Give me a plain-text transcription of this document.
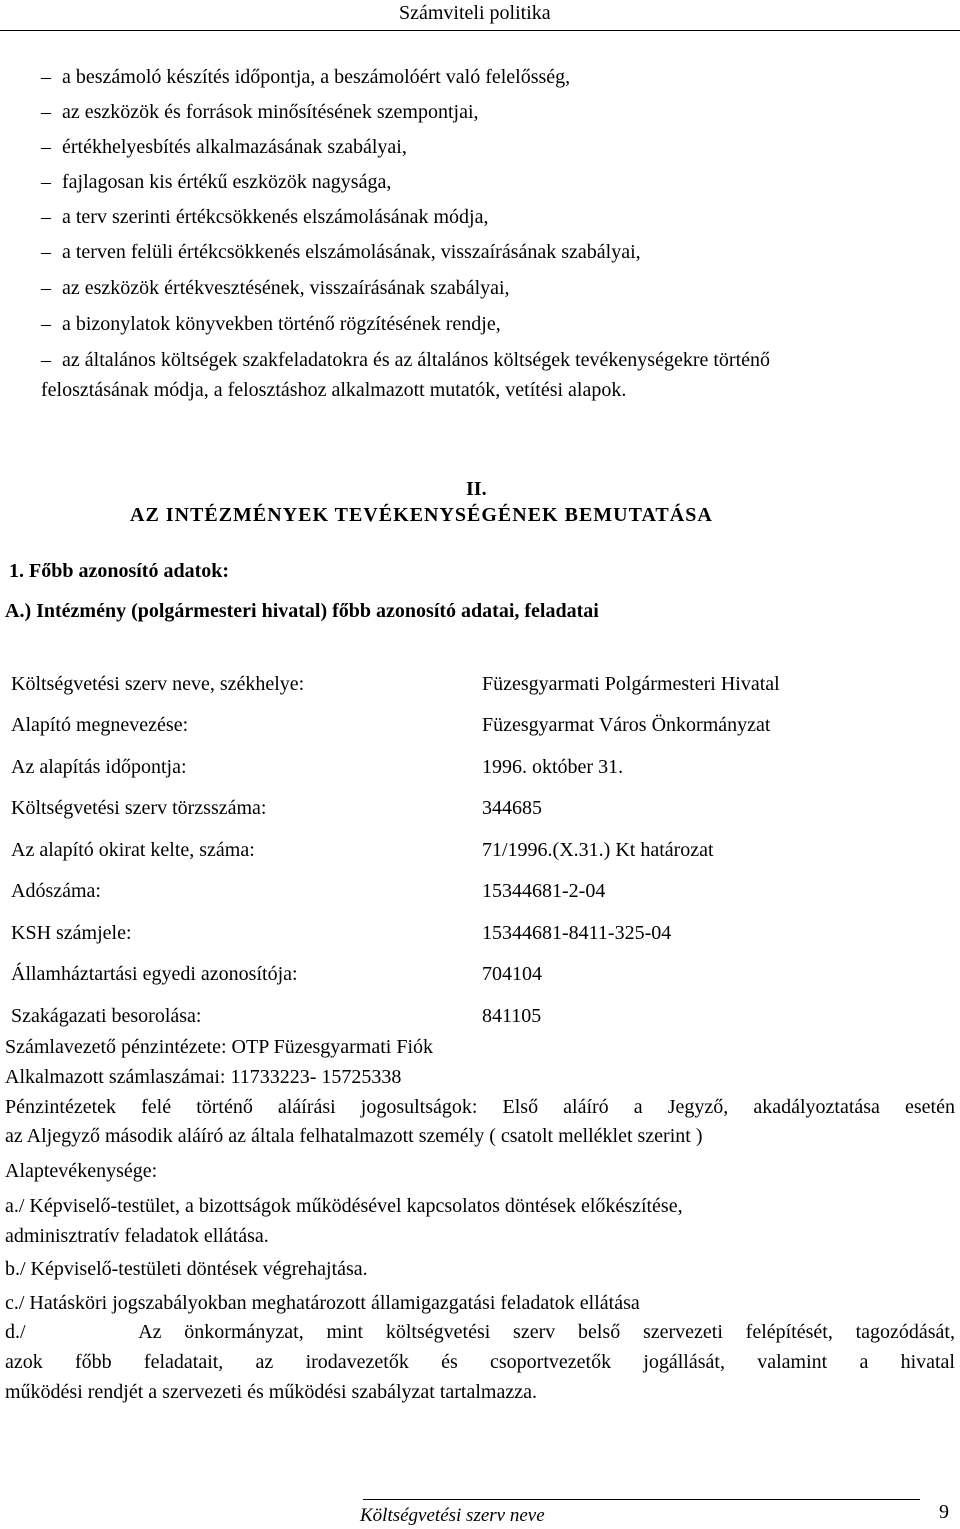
Számviteli politika
– a beszámoló készítés időpontja, a beszámolóért való felelősség,
– az eszközök és források minősítésének szempontjai,
– értékhelyesbítés alkalmazásának szabályai,
– fajlagosan kis értékű eszközök nagysága,
– a terv szerinti értékcsökkenés elszámolásának módja,
– a terven felüli értékcsökkenés elszámolásának, visszaírásának szabályai,
– az eszközök értékvesztésének, visszaírásának szabályai,
– a bizonylatok könyvekben történő rögzítésének rendje,
– az általános költségek szakfeladatokra és az általános költségek tevékenységekre történő
felosztásának módja, a felosztáshoz alkalmazott mutatók, vetítési alapok.
II.
AZ INTÉZMÉNYEK TEVÉKENYSÉGÉNEK BEMUTATÁSA
1. Főbb azonosító adatok:
A.) Intézmény (polgármesteri hivatal) főbb azonosító adatai, feladatai
Költségvetési szerv neve, székhelye:	Füzesgyarmati Polgármesteri Hivatal
Alapító megnevezése:	Füzesgyarmat Város Önkormányzat
Az alapítás időpontja:	1996. október 31.
Költségvetési szerv törzsszáma:	344685
Az alapító okirat kelte, száma:	71/1996.(X.31.) Kt határozat
Adószáma:	15344681-2-04
KSH számjele:	15344681-8411-325-04
Államháztartási egyedi azonosítója:	704104
Szakágazati besorolása:	841105
Számlavezető pénzintézete: OTP Füzesgyarmati Fiók
Alkalmazott számlaszámai: 11733223- 15725338
Pénzintézetek felé történő aláírási jogosultságok: Első aláíró a Jegyző, akadályoztatása esetén
az Aljegyző második aláíró az általa felhatalmazott személy ( csatolt melléklet szerint )
Alaptevékenysége:
a./ Képviselő-testület, a bizottságok működésével kapcsolatos döntések előkészítése,
adminisztratív feladatok ellátása.
b./ Képviselő-testületi döntések végrehajtása.
c./ Hatásköri jogszabályokban meghatározott államigazgatási feladatok ellátása
d./     Az önkormányzat, mint költségvetési szerv belső szervezeti felépítését, tagozódását,
azok főbb feladatait, az irodavezetők és csoportvezetők jogállását, valamint a hivatal
működési rendjét a szervezeti és működési szabályzat tartalmazza.
Költségvetési szerv neve	9
